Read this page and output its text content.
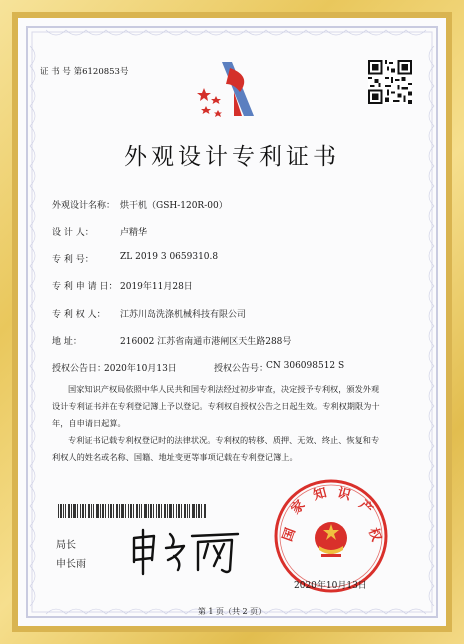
证 书 号 第6120853号
外观设计专利证书
外观设计名称： 烘干机（GSH-120R-00）
设 计 人：	卢精华
专 利 号：	ZL 2019 3 0659310.8
专 利 申 请 日： 2019年11月28日
专 利 权 人： 江苏川岛洗涤机械科技有限公司
地 址：	216002 江苏省南通市港闸区天生路288号
授权公告日：
2020年10月13日	授权公告号：
CN 306098512 S
国家知识产权局依照中华人民共和国专利法经过初步审查，决定授予专利权，颁发外观
设计专利证书并在专利登记簿上予以登记。专利权自授权公告之日起生效。专利权期限为十
年，自申请日起算。
专利证书记载专利权登记时的法律状况。专利权的转移、质押、无效、终止、恢复和专
利权人的姓名或名称、国籍、地址变更等事项记载在专利登记簿上。
局长
申长雨
国
家
知 识
产
权
2020年10月13日
第 1 页（共 2 页）
